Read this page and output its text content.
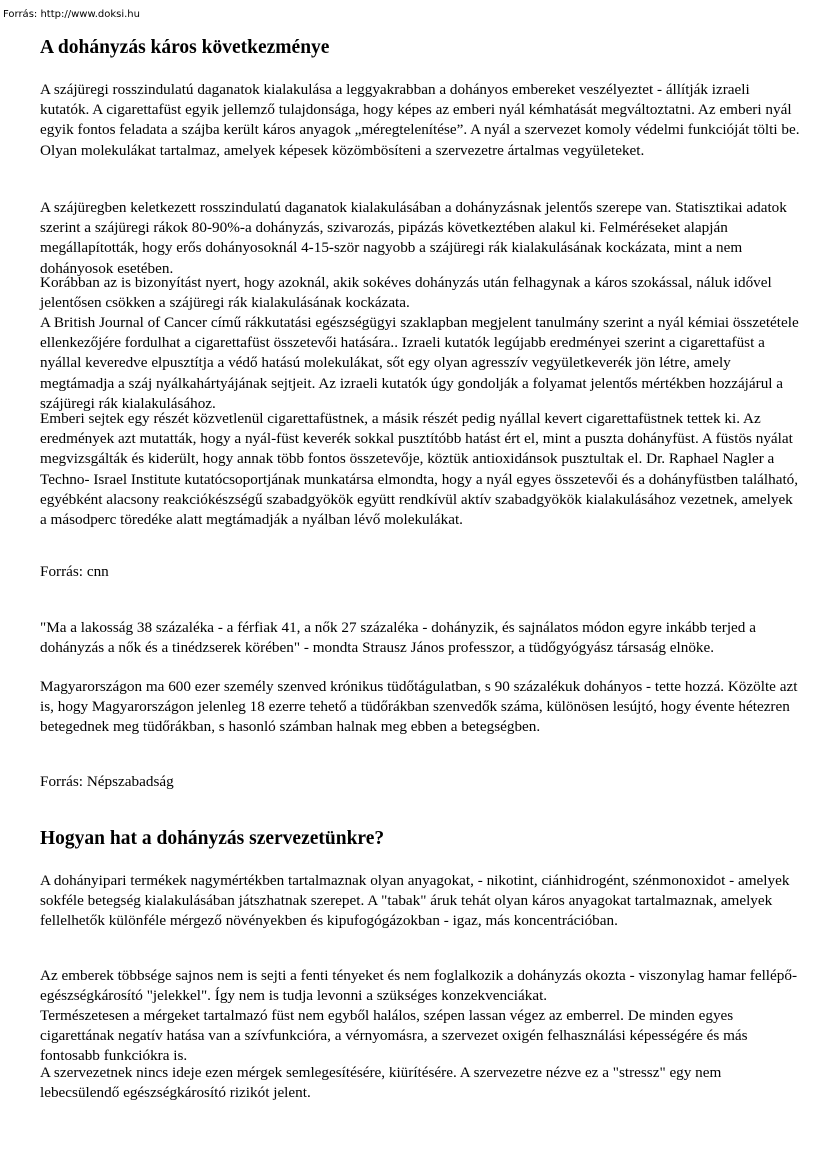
Forrás: http://www.doksi.hu
A dohányzás káros következménye

A szájüregi rosszindulatú daganatok kialakulása a leggyakrabban a dohányos embereket veszélyeztet - állítják izraeli kutatók. A cigarettafüst egyik jellemző tulajdonsága, hogy képes az emberi nyál kémhatását megváltoztatni. Az emberi nyál egyik fontos feladata a szájba került káros anyagok „méregtelenítése”. A nyál a szervezet komoly védelmi funkcióját tölti be. Olyan molekulákat tartalmaz, amelyek képesek közömbösíteni a szervezetre ártalmas vegyületeket.

A szájüregben keletkezett rosszindulatú daganatok kialakulásában a dohányzásnak jelentős szerepe van. Statisztikai adatok szerint a szájüregi rákok 80-90%-a dohányzás, szivarozás, pipázás következtében alakul ki. Felméréseket alapján megállapították, hogy erős dohányosoknál 4-15-ször nagyobb a szájüregi rák kialakulásának kockázata, mint a nem dohányosok esetében.

Korábban az is bizonyítást nyert, hogy azoknál, akik sokéves dohányzás után felhagynak a káros szokással, náluk idővel jelentősen csökken a szájüregi rák kialakulásának kockázata.

A British Journal of Cancer című rákkutatási egészségügyi szaklapban megjelent tanulmány szerint a nyál kémiai összetétele ellenkezőjére fordulhat a cigarettafüst összetevői hatására.. Izraeli kutatók legújabb eredményei szerint a cigarettafüst a nyállal keveredve elpusztítja a védő hatású molekulákat, sőt egy olyan agresszív vegyületkeverék jön létre, amely megtámadja a száj nyálkahártyájának sejtjeit. Az izraeli kutatók úgy gondolják a folyamat jelentős mértékben hozzájárul a szájüregi rák kialakulásához.

Emberi sejtek egy részét közvetlenül cigarettafüstnek, a másik részét pedig nyállal kevert cigarettafüstnek tettek ki. Az eredmények azt mutatták, hogy a nyál-füst keverék sokkal pusztítóbb hatást ért el, mint a puszta dohányfüst. A füstös nyálat megvizsgálták és kiderült, hogy annak több fontos összetevője, köztük antioxidánsok pusztultak el. Dr. Raphael Nagler a Techno- Israel Institute kutatócsoportjának munkatársa elmondta, hogy a nyál egyes összetevői és a dohányfüstben található, egyébként alacsony reakciókészségű szabadgyökök együtt rendkívül aktív szabadgyökök kialakulásához vezetnek, amelyek a másodperc töredéke alatt megtámadják a nyálban lévő molekulákat.

Forrás: cnn

"Ma a lakosság 38 százaléka - a férfiak 41, a nők 27 százaléka - dohányzik, és sajnálatos módon egyre inkább terjed a dohányzás a nők és a tinédzserek körében" - mondta Strausz János professzor, a tüdőgyógyász társaság elnöke.

Magyarországon ma 600 ezer személy szenved krónikus tüdőtágulatban, s 90 százalékuk dohányos - tette hozzá. Közölte azt is, hogy Magyarországon jelenleg 18 ezerre tehető a tüdőrákban szenvedők száma, különösen lesújtó, hogy évente hétezren betegednek meg tüdőrákban, s hasonló számban halnak meg ebben a betegségben.

Forrás: Népszabadság

Hogyan hat a dohányzás szervezetünkre?

A dohányipari termékek nagymértékben tartalmaznak olyan anyagokat, - nikotint, ciánhidrogént, szénmonoxidot - amelyek sokféle betegség kialakulásában játszhatnak szerepet. A "tabak" áruk tehát olyan káros anyagokat tartalmaznak, amelyek fellelhetők különféle mérgező növényekben és kipufogógázokban - igaz, más koncentrációban.

Az emberek többsége sajnos nem is sejti a fenti tényeket és nem foglalkozik a dohányzás okozta - viszonylag hamar fellépő- egészségkárosító "jelekkel". Így nem is tudja levonni a szükséges konzekvenciákat.

Természetesen a mérgeket tartalmazó füst nem egyből halálos, szépen lassan végez az emberrel. De minden egyes cigarettának negatív hatása van a szívfunkcióra, a vérnyomásra, a szervezet oxigén felhasználási képességére és más fontosabb funkciókra is.

A szervezetnek nincs ideje ezen mérgek semlegesítésére, kiürítésére. A szervezetre nézve ez a "stressz" egy nem lebecsülendő egészségkárosító rizikót jelent.
